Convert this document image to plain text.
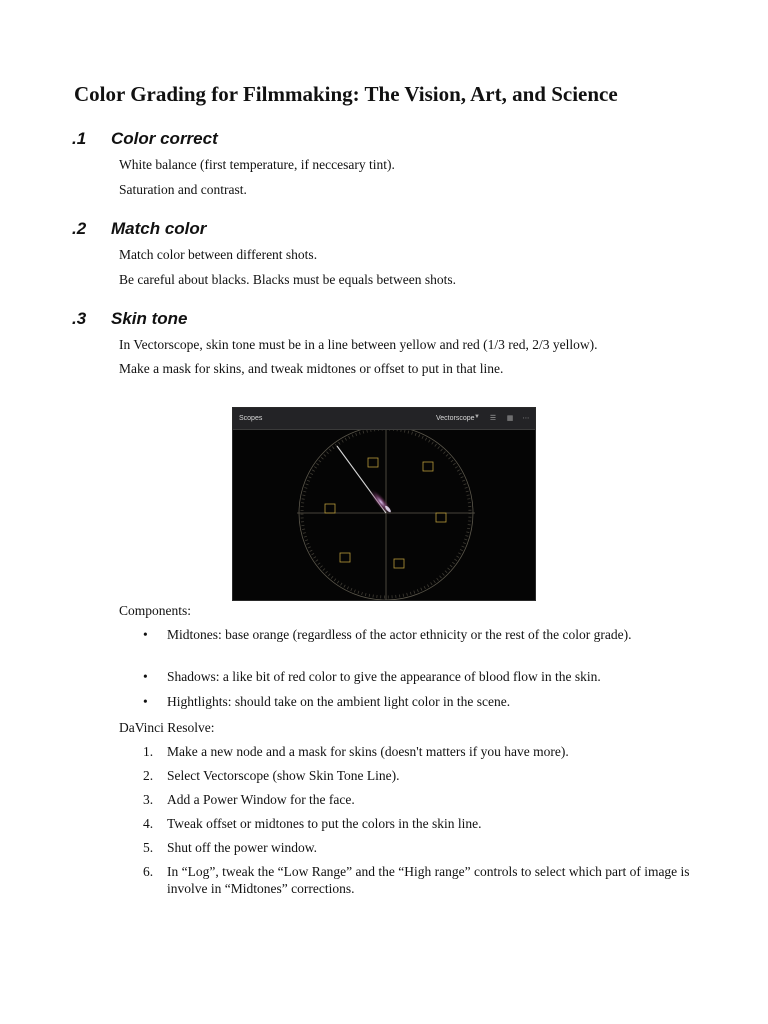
Color Grading for Filmmaking: The Vision, Art, and Science
.1 Color correct

White balance (first temperature, if neccesary tint).

Saturation and contrast.

.2 Match color

Match color between different shots.

Be careful about blacks. Blacks must be equals between shots.

.3 Skin tone

In Vectorscope, skin tone must be in a line between yellow and red (1/3 red, 2/3 yellow).

Make a mask for skins, and tweak midtones or offset to put in that line.

Scopes	Vectorscope ▼ ☰ ▦ ⋯

Components:

•	Midtones: base orange (regardless of the actor ethnicity or the rest of the color grade).
•	Shadows: a like bit of red color to give the appearance of blood flow in the skin.
•	Hightlights: should take on the ambient light color in the scene.

DaVinci Resolve:

1.	Make a new node and a mask for skins (doesn't matters if you have more).
2.	Select Vectorscope (show Skin Tone Line).
3.	Add a Power Window for the face.
4.	Tweak offset or midtones to put the colors in the skin line.
5.	Shut off the power window.
6.	In “Log”, tweak the “Low Range” and the “High range” controls to select which part of image is involve in “Midtones” corrections.
